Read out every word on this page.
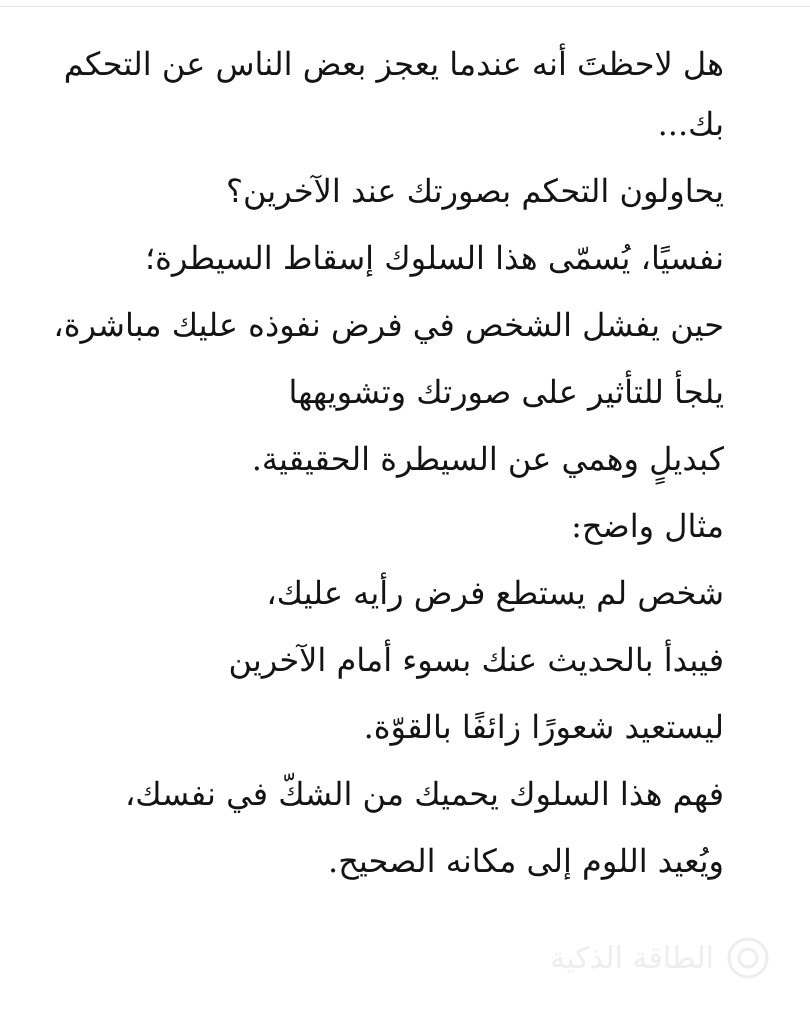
هل لاحظتَ أنه عندما يعجز بعض الناس عن التحكم
بك...
يحاولون التحكم بصورتك عند الآخرين؟
نفسيًا، يُسمّى هذا السلوك إسقاط السيطرة؛
حين يفشل الشخص في فرض نفوذه عليك مباشرة،
يلجأ للتأثير على صورتك وتشويهها
كبديلٍ وهمي عن السيطرة الحقيقية.
مثال واضح:
شخص لم يستطع فرض رأيه عليك،
فيبدأ بالحديث عنك بسوء أمام الآخرين
ليستعيد شعورًا زائفًا بالقوّة.
فهم هذا السلوك يحميك من الشكّ في نفسك،
ويُعيد اللوم إلى مكانه الصحيح.
الطاقة الذكية
